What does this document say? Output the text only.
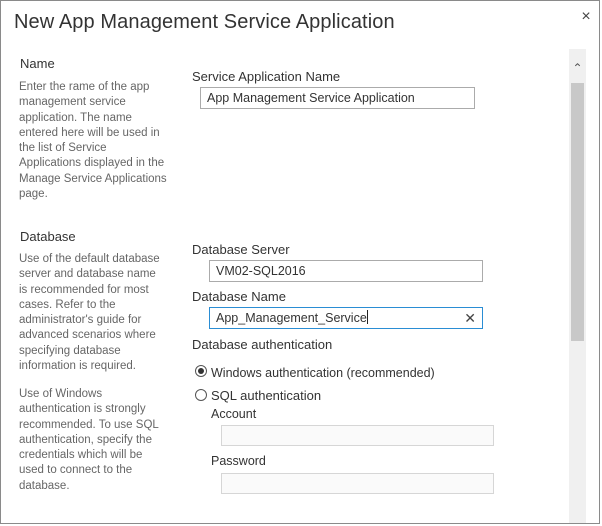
New App Management Service Application	×
Name
Enter the rame of the app management service application. The name entered here will be used in the list of Service Applications displayed in the Manage Service Applications page.
Service Application Name
App Management Service Application
Database
Use of the default database server and database name is recommended for most cases. Refer to the administrator's guide for advanced scenarios where specifying database information is required.
Use of Windows authentication is strongly recommended. To use SQL authentication, specify the credentials which will be used to connect to the database.
Database Server
VM02-SQL2016
Database Name
App_Management_Service	✕
Database authentication
Windows authentication (recommended)
SQL authentication
Account
Password
⌃
